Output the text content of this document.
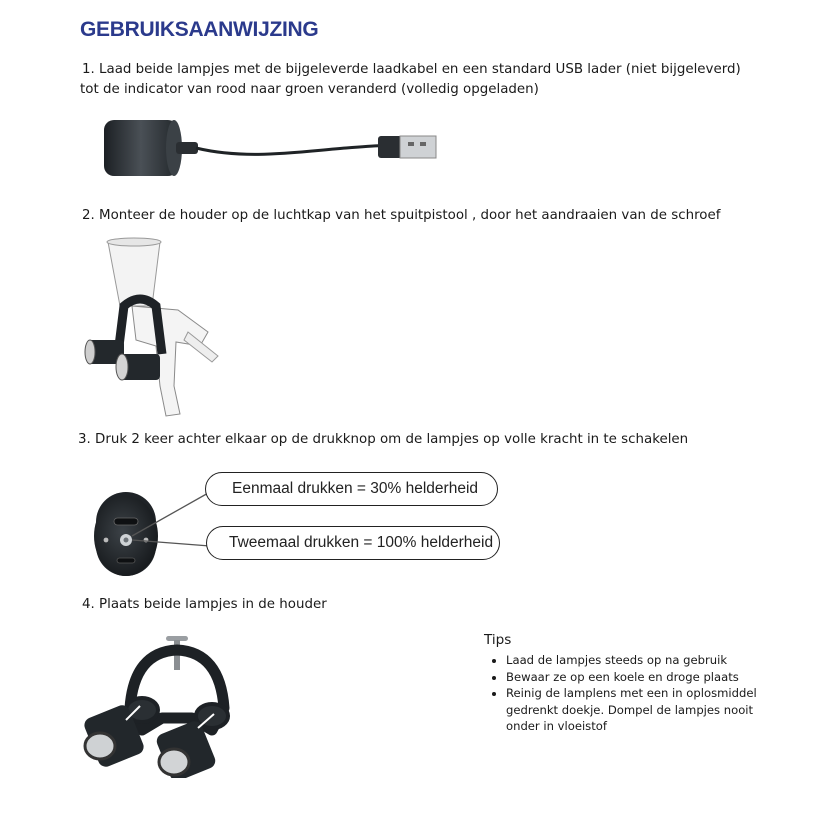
GEBRUIKSAANWIJZING
1. Laad beide lampjes met de bijgeleverde laadkabel en een standard USB lader (niet bijgeleverd)
tot de indicator van rood naar groen veranderd (volledig opgeladen)
2. Monteer de houder op de luchtkap van het spuitpistool , door het aandraaien van de schroef
3. Druk 2 keer achter elkaar op de drukknop om de lampjes op volle kracht in te schakelen
Eenmaal drukken = 30% helderheid
Tweemaal drukken = 100% helderheid
4. Plaats beide lampjes in de houder
Tips
• Laad de lampjes steeds op na gebruik
• Bewaar ze op een koele en droge plaats
• Reinig de lamplens met een in oplosmiddel gedrenkt doekje. Dompel de lampjes nooit onder in vloeistof
